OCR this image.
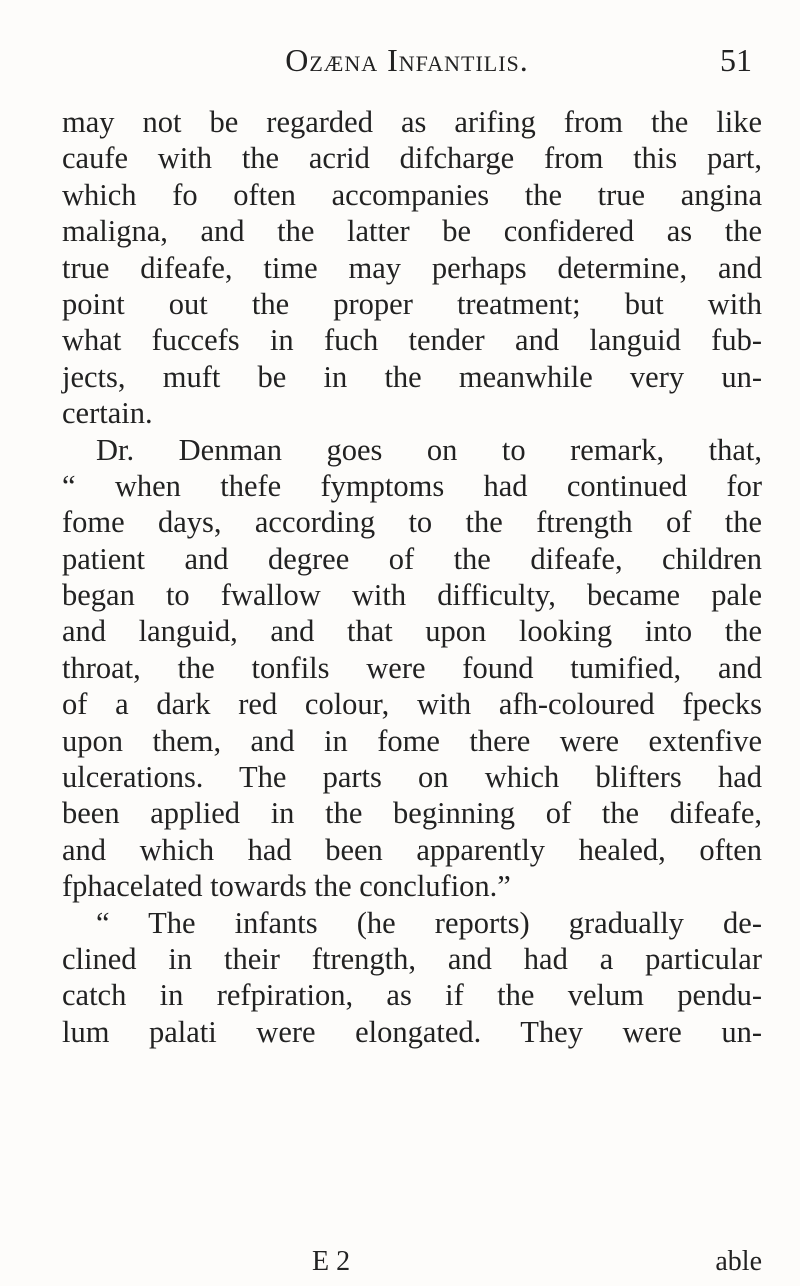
Ozæna Infantilis.	51
may not be regarded as arifing from the like
caufe with the acrid difcharge from this part,
which fo often accompanies the true angina
maligna, and the latter be confidered as the
true difeafe, time may perhaps determine, and
point out the proper treatment; but with
what fuccefs in fuch tender and languid fub-
jects, muft be in the meanwhile very un-
certain.
Dr. Denman goes on to remark, that,
“ when thefe fymptoms had continued for
fome days, according to the ftrength of the
patient and degree of the difeafe, children
began to fwallow with difficulty, became pale
and languid, and that upon looking into the
throat, the tonfils were found tumified, and
of a dark red colour, with afh-coloured fpecks
upon them, and in fome there were extenfive
ulcerations. The parts on which blifters had
been applied in the beginning of the difeafe,
and which had been apparently healed, often
fphacelated towards the conclufion.”
“ The infants (he reports) gradually de-
clined in their ftrength, and had a particular
catch in refpiration, as if the velum pendu-
lum palati were elongated. They were un-
E 2	able
